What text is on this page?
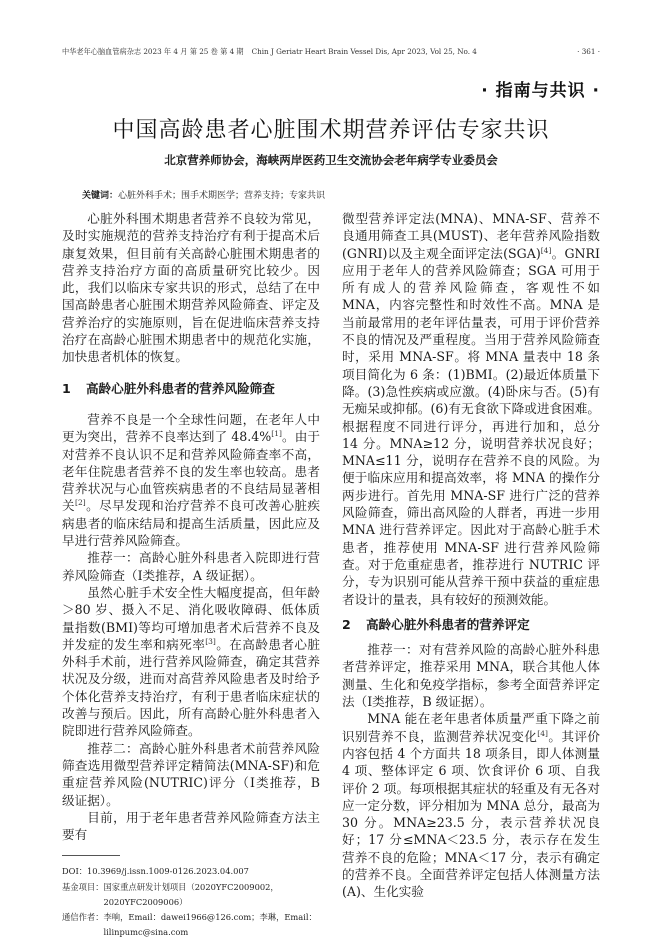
中华老年心脑血管病杂志 2023 年 4 月 第 25 卷 第 4 期 Chin J Geriatr Heart Brain Vessel Dis, Apr 2023, Vol 25, No. 4	· 361 ·
· 指南与共识 ·
中国高龄患者心脏围术期营养评估专家共识
北京营养师协会，海峡两岸医药卫生交流协会老年病学专业委员会
关键词：心脏外科手术；围手术期医学；营养支持；专家共识

心脏外科围术期患者营养不良较为常见，及时实施规范的营养支持治疗有利于提高术后康复效果，但目前有关高龄心脏围术期患者的营养支持治疗方面的高质量研究比较少。因此，我们以临床专家共识的形式，总结了在中国高龄患者心脏围术期营养风险筛查、评定及营养治疗的实施原则，旨在促进临床营养支持治疗在高龄心脏围术期患者中的规范化实施，加快患者机体的恢复。

1 高龄心脏外科患者的营养风险筛查

营养不良是一个全球性问题，在老年人中更为突出，营养不良率达到了 48.4%[1]。由于对营养不良认识不足和营养风险筛查率不高，老年住院患者营养不良的发生率也较高。患者营养状况与心血管疾病患者的不良结局显著相关[2]。尽早发现和治疗营养不良可改善心脏疾病患者的临床结局和提高生活质量，因此应及早进行营养风险筛查。

推荐一：高龄心脏外科患者入院即进行营养风险筛查（Ⅰ类推荐，A 级证据）。

虽然心脏手术安全性大幅度提高，但年龄＞80 岁、摄入不足、消化吸收障碍、低体质量指数(BMI)等均可增加患者术后营养不良及并发症的发生率和病死率[3]。在高龄患者心脏外科手术前，进行营养风险筛查，确定其营养状况及分级，进而对高营养风险患者及时给予个体化营养支持治疗，有利于患者临床症状的改善与预后。因此，所有高龄心脏外科患者入院即进行营养风险筛查。

推荐二：高龄心脏外科患者术前营养风险筛查选用微型营养评定精简法(MNA-SF)和危重症营养风险(NUTRIC)评分（Ⅰ类推荐，B 级证据）。

目前，用于老年患者营养风险筛查方法主要有

DOI： 10.3969/j.issn.1009-0126.2023.04.007
基金项目： 国家重点研发计划项目（2020YFC2009002，2020YFC2009006）
通信作者： 李响，Email：dawei1966@126.com；李琳，Email：lilinpumc@sina.com

微型营养评定法(MNA)、MNA-SF、营养不良通用筛查工具(MUST)、老年营养风险指数(GNRI)以及主观全面评定法(SGA)[4]。GNRI 应用于老年人的营养风险筛查；SGA 可用于所有成人的营养风险筛查，客观性不如 MNA，内容完整性和时效性不高。MNA 是当前最常用的老年评估量表，可用于评价营养不良的情况及严重程度。当用于营养风险筛查时，采用 MNA-SF。将 MNA 量表中 18 条项目简化为 6 条：(1)BMI。(2)最近体质量下降。(3)急性疾病或应激。(4)卧床与否。(5)有无痴呆或抑郁。(6)有无食欲下降或进食困难。根据程度不同进行评分，再进行加和，总分 14 分。MNA≥12 分，说明营养状况良好；MNA≤11 分，说明存在营养不良的风险。为便于临床应用和提高效率，将 MNA 的操作分两步进行。首先用 MNA-SF 进行广泛的营养风险筛查，筛出高风险的人群者，再进一步用 MNA 进行营养评定。因此对于高龄心脏手术患者，推荐使用 MNA-SF 进行营养风险筛查。对于危重症患者，推荐进行 NUTRIC 评分，专为识别可能从营养干预中获益的重症患者设计的量表，具有较好的预测效能。

2 高龄心脏外科患者的营养评定

推荐一：对有营养风险的高龄心脏外科患者营养评定，推荐采用 MNA，联合其他人体测量、生化和免疫学指标，参考全面营养评定法（Ⅰ类推荐，B 级证据）。

MNA 能在老年患者体质量严重下降之前识别营养不良，监测营养状况变化[4]。其评价内容包括 4 个方面共 18 项条目，即人体测量 4 项、整体评定 6 项、饮食评价 6 项、自我评价 2 项。每项根据其症状的轻重及有无各对应一定分数，评分相加为 MNA 总分，最高为 30 分。MNA≥23.5 分，表示营养状况良好；17 分≤MNA＜23.5 分，表示存在发生营养不良的危险；MNA＜17 分，表示有确定的营养不良。全面营养评定包括人体测量方法(A)、生化实验
